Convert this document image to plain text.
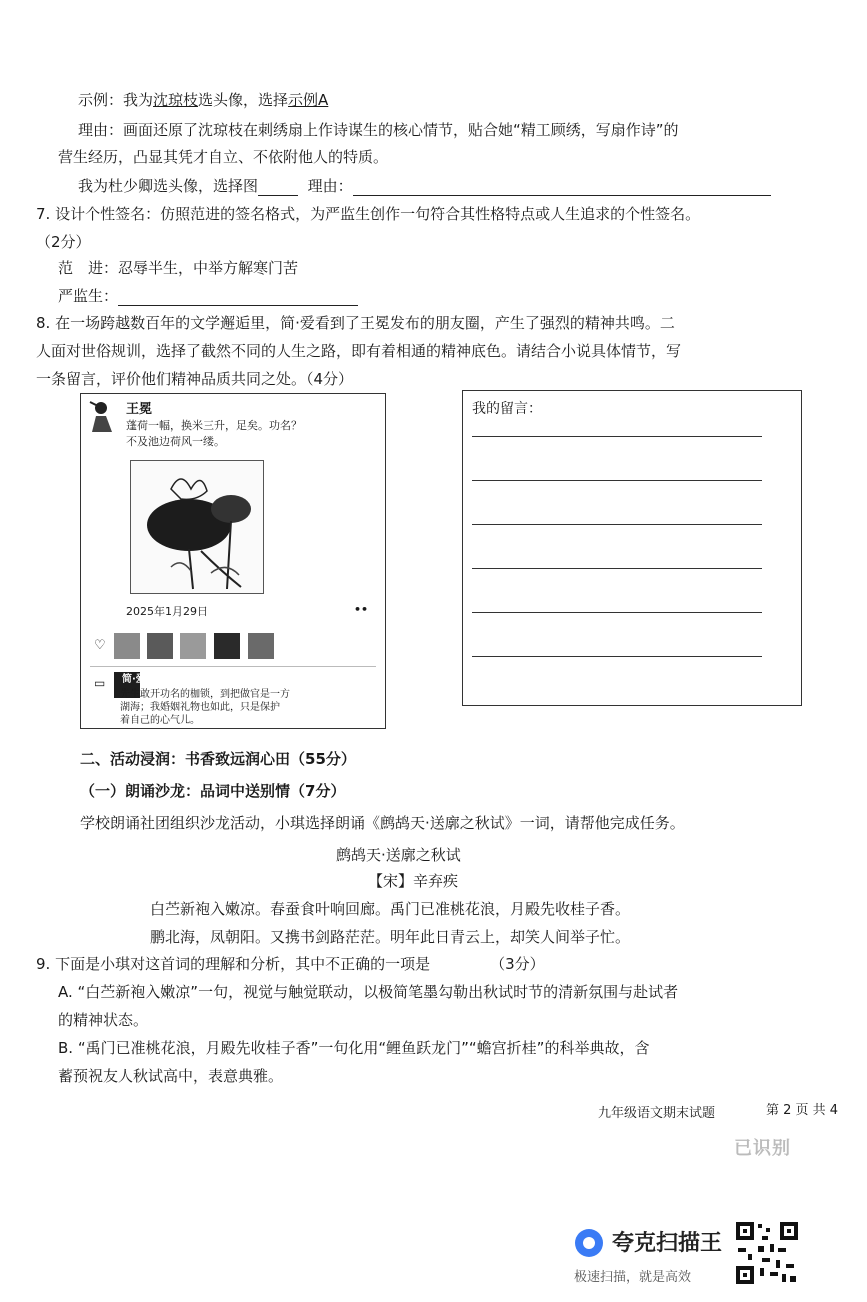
示例：我为沈琼枝选头像，选择示例A
理由：画面还原了沈琼枝在刺绣扇上作诗谋生的核心情节，贴合她“精工顾绣，写扇作诗”的
营生经历，凸显其凭才自立、不依附他人的特质。
我为杜少卿选头像，选择图	理由：
7. 设计个性签名：仿照范进的签名格式，为严监生创作一句符合其性格特点或人生追求的个性签名。
（2分）
范　进：忍辱半生，中举方解寒门苦
严监生：
8. 在一场跨越数百年的文学邂逅里，简·爱看到了王冕发布的朋友圈，产生了强烈的精神共鸣。二
人面对世俗规训，选择了截然不同的人生之路，即有着相通的精神底色。请结合小说具体情节，写
一条留言，评价他们精神品质共同之处。（4分）
王冕
蓬荷一幅，换米三升，足矣。功名？
不及池边荷风一缕。
2025年1月29日	••
♡
▭ 简·爱
先生敢开功名的枷锁，到把做官是一方
湖海；我婚姻礼物也如此，只是保护
着自己的心气儿。
我的留言：
二、活动浸润：书香致远润心田（55分）
（一）朗诵沙龙：品词中送别情（7分）
学校朗诵社团组织沙龙活动，小琪选择朗诵《鹧鸪天·送廓之秋试》一词，请帮他完成任务。
鹧鸪天·送廓之秋试
【宋】辛弃疾
白苎新袍入嫩凉。春蚕食叶响回廊。禹门已准桃花浪，月殿先收桂子香。
鹏北海，凤朝阳。又携书剑路茫茫。明年此日青云上，却笑人间举子忙。
9. 下面是小琪对这首词的理解和分析，其中不正确的一项是	（3分）
A. “白苎新袍入嫩凉”一句，视觉与触觉联动，以极简笔墨勾勒出秋试时节的清新氛围与赴试者
的精神状态。
B. “禹门已准桃花浪，月殿先收桂子香”一句化用“鲤鱼跃龙门”“蟾宫折桂”的科举典故，含
蓄预祝友人秋试高中，表意典雅。
九年级语文期末试题	第 2 页 共 4
已识别
夸克扫描王
极速扫描，就是高效
